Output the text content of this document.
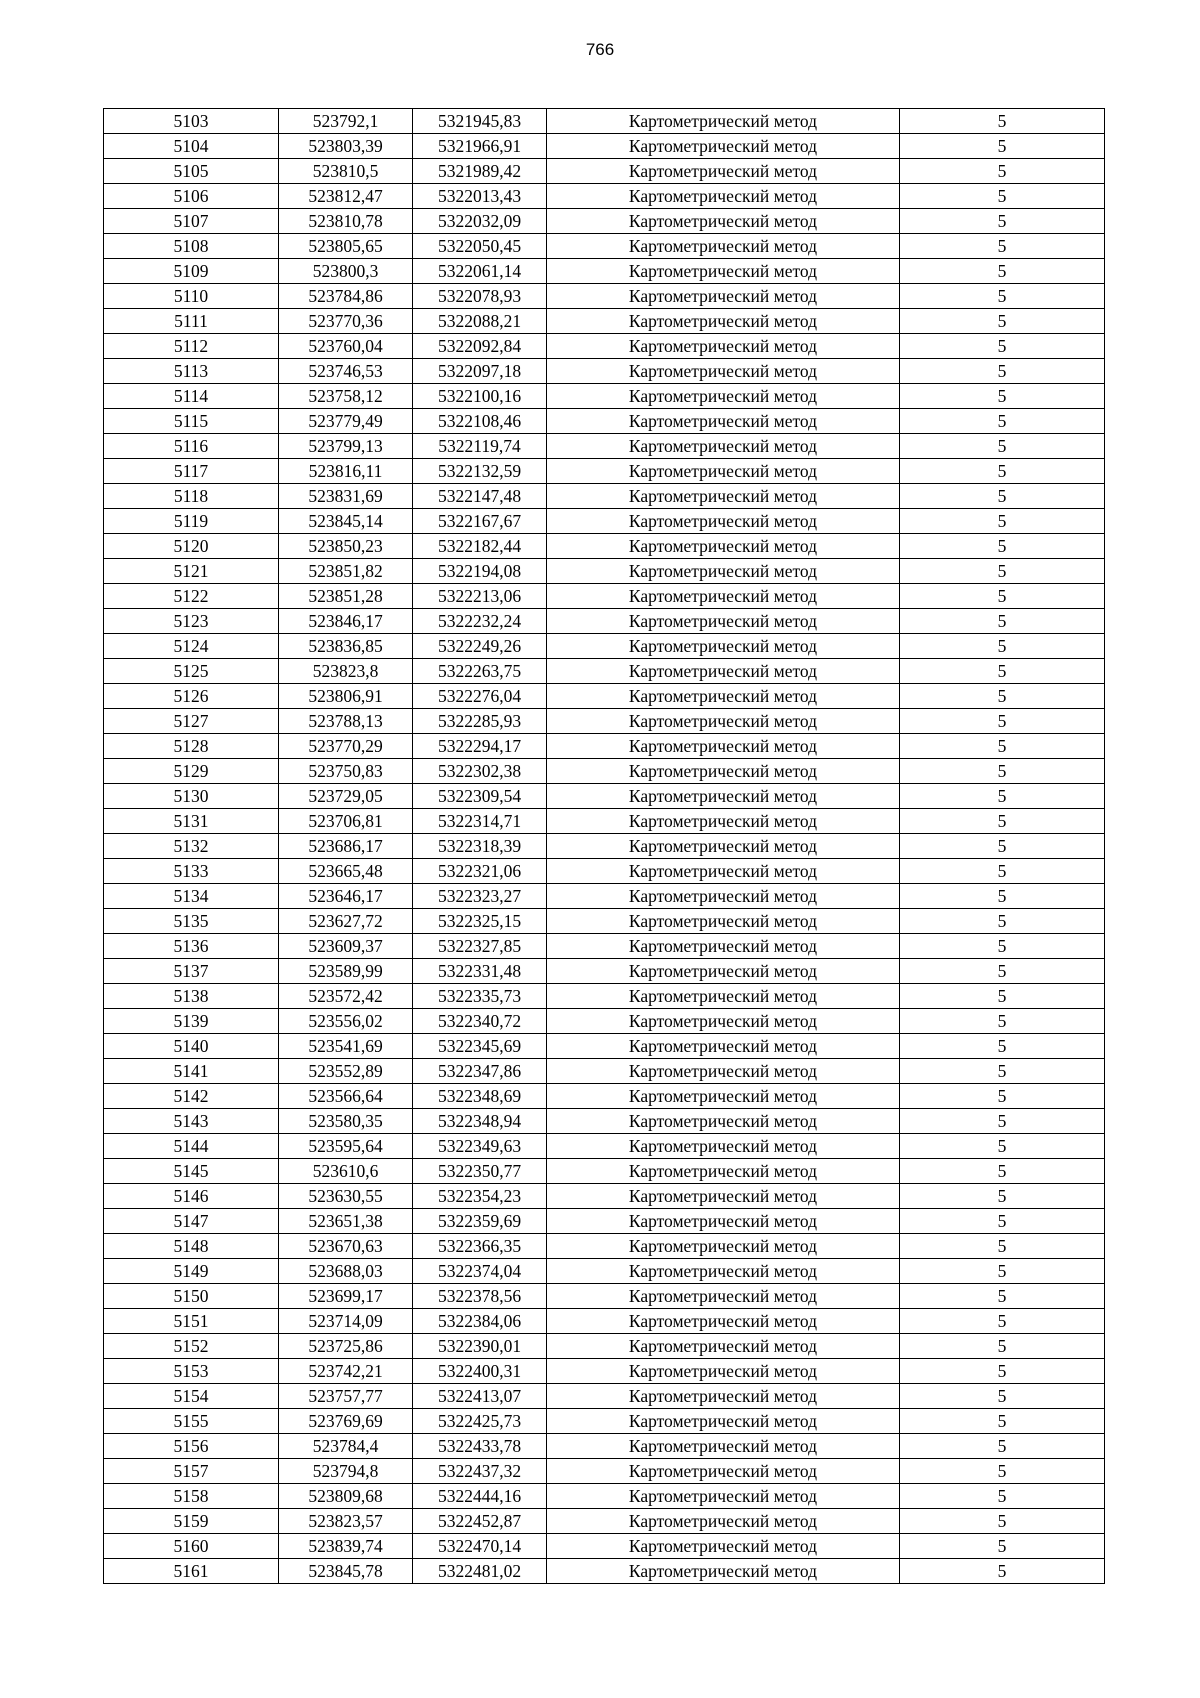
766
5103	523792,1	5321945,83	Картометрический метод	5
5104	523803,39	5321966,91	Картометрический метод	5
5105	523810,5	5321989,42	Картометрический метод	5
5106	523812,47	5322013,43	Картометрический метод	5
5107	523810,78	5322032,09	Картометрический метод	5
5108	523805,65	5322050,45	Картометрический метод	5
5109	523800,3	5322061,14	Картометрический метод	5
5110	523784,86	5322078,93	Картометрический метод	5
5111	523770,36	5322088,21	Картометрический метод	5
5112	523760,04	5322092,84	Картометрический метод	5
5113	523746,53	5322097,18	Картометрический метод	5
5114	523758,12	5322100,16	Картометрический метод	5
5115	523779,49	5322108,46	Картометрический метод	5
5116	523799,13	5322119,74	Картометрический метод	5
5117	523816,11	5322132,59	Картометрический метод	5
5118	523831,69	5322147,48	Картометрический метод	5
5119	523845,14	5322167,67	Картометрический метод	5
5120	523850,23	5322182,44	Картометрический метод	5
5121	523851,82	5322194,08	Картометрический метод	5
5122	523851,28	5322213,06	Картометрический метод	5
5123	523846,17	5322232,24	Картометрический метод	5
5124	523836,85	5322249,26	Картометрический метод	5
5125	523823,8	5322263,75	Картометрический метод	5
5126	523806,91	5322276,04	Картометрический метод	5
5127	523788,13	5322285,93	Картометрический метод	5
5128	523770,29	5322294,17	Картометрический метод	5
5129	523750,83	5322302,38	Картометрический метод	5
5130	523729,05	5322309,54	Картометрический метод	5
5131	523706,81	5322314,71	Картометрический метод	5
5132	523686,17	5322318,39	Картометрический метод	5
5133	523665,48	5322321,06	Картометрический метод	5
5134	523646,17	5322323,27	Картометрический метод	5
5135	523627,72	5322325,15	Картометрический метод	5
5136	523609,37	5322327,85	Картометрический метод	5
5137	523589,99	5322331,48	Картометрический метод	5
5138	523572,42	5322335,73	Картометрический метод	5
5139	523556,02	5322340,72	Картометрический метод	5
5140	523541,69	5322345,69	Картометрический метод	5
5141	523552,89	5322347,86	Картометрический метод	5
5142	523566,64	5322348,69	Картометрический метод	5
5143	523580,35	5322348,94	Картометрический метод	5
5144	523595,64	5322349,63	Картометрический метод	5
5145	523610,6	5322350,77	Картометрический метод	5
5146	523630,55	5322354,23	Картометрический метод	5
5147	523651,38	5322359,69	Картометрический метод	5
5148	523670,63	5322366,35	Картометрический метод	5
5149	523688,03	5322374,04	Картометрический метод	5
5150	523699,17	5322378,56	Картометрический метод	5
5151	523714,09	5322384,06	Картометрический метод	5
5152	523725,86	5322390,01	Картометрический метод	5
5153	523742,21	5322400,31	Картометрический метод	5
5154	523757,77	5322413,07	Картометрический метод	5
5155	523769,69	5322425,73	Картометрический метод	5
5156	523784,4	5322433,78	Картометрический метод	5
5157	523794,8	5322437,32	Картометрический метод	5
5158	523809,68	5322444,16	Картометрический метод	5
5159	523823,57	5322452,87	Картометрический метод	5
5160	523839,74	5322470,14	Картометрический метод	5
5161	523845,78	5322481,02	Картометрический метод	5
